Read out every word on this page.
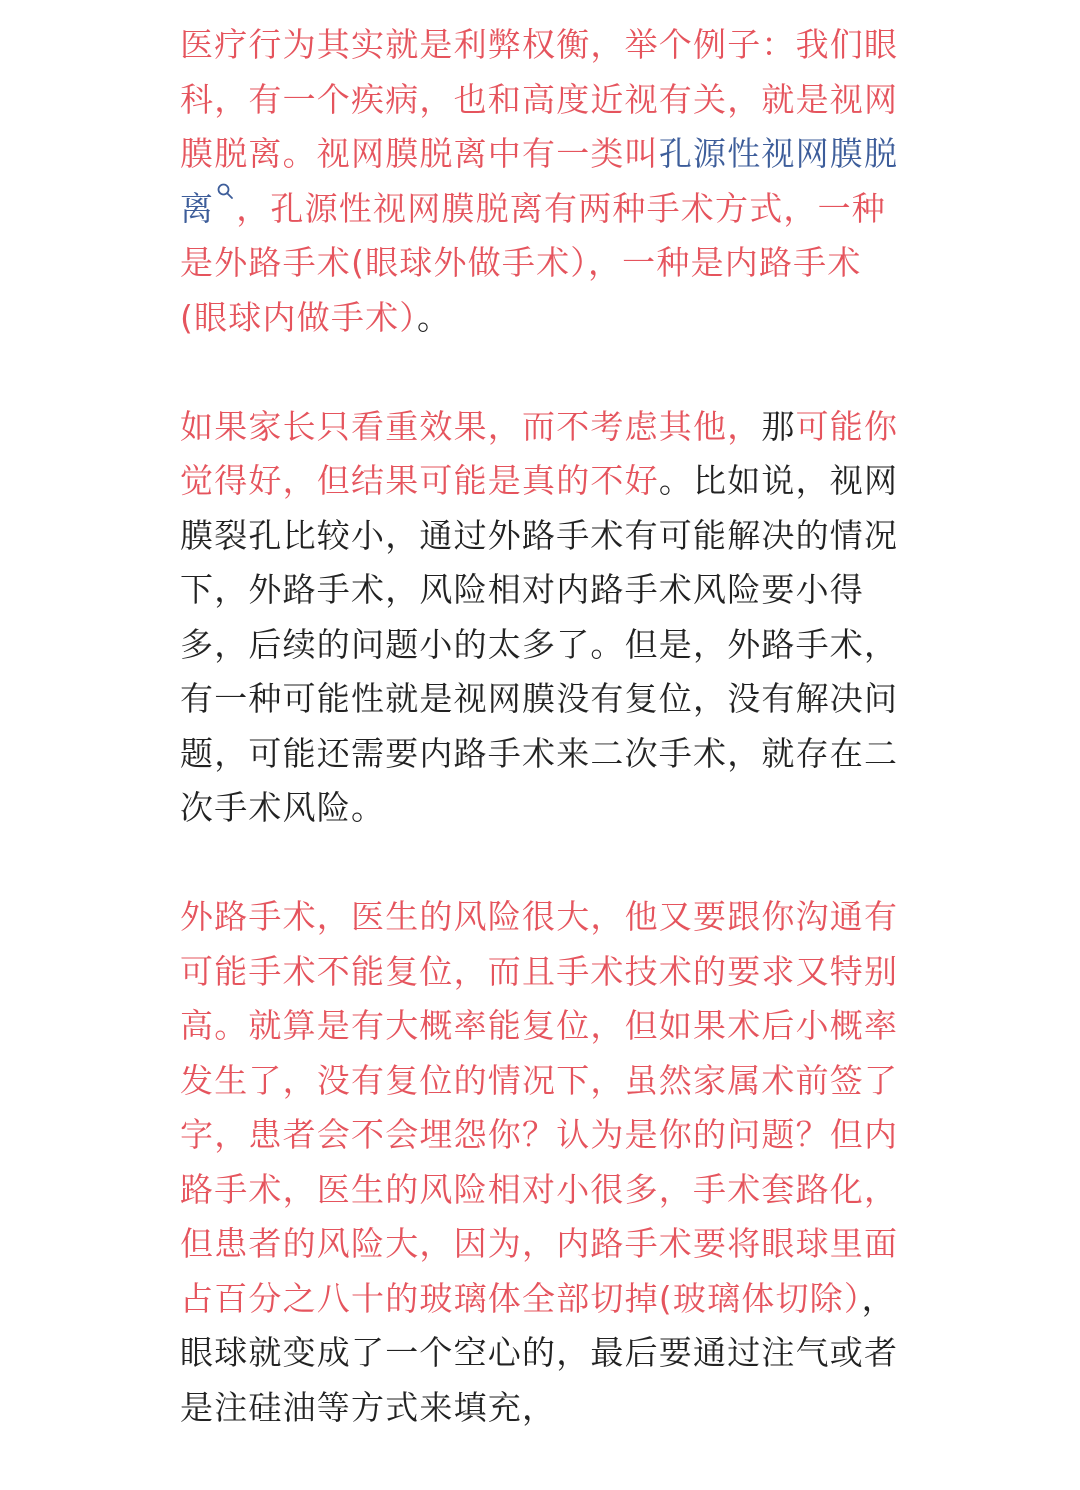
医疗行为其实就是利弊权衡，举个例子：我们眼科，有一个疾病，也和高度近视有关，就是视网膜脱离。视网膜脱离中有一类叫孔源性视网膜脱离 ，孔源性视网膜脱离有两种手术方式，一种是外路手术(眼球外做手术），一种是内路手术(眼球内做手术）。

如果家长只看重效果，而不考虑其他，那可能你觉得好，但结果可能是真的不好。比如说，视网膜裂孔比较小，通过外路手术有可能解决的情况下，外路手术，风险相对内路手术风险要小得多，后续的问题小的太多了。但是，外路手术，有一种可能性就是视网膜没有复位，没有解决问题，可能还需要内路手术来二次手术，就存在二次手术风险。

外路手术，医生的风险很大，他又要跟你沟通有可能手术不能复位，而且手术技术的要求又特别高。就算是有大概率能复位，但如果术后小概率发生了，没有复位的情况下，虽然家属术前签了字，患者会不会埋怨你？认为是你的问题？但内路手术，医生的风险相对小很多，手术套路化，但患者的风险大，因为，内路手术要将眼球里面占百分之八十的玻璃体全部切掉(玻璃体切除），眼球就变成了一个空心的，最后要通过注气或者是注硅油等方式来填充，
